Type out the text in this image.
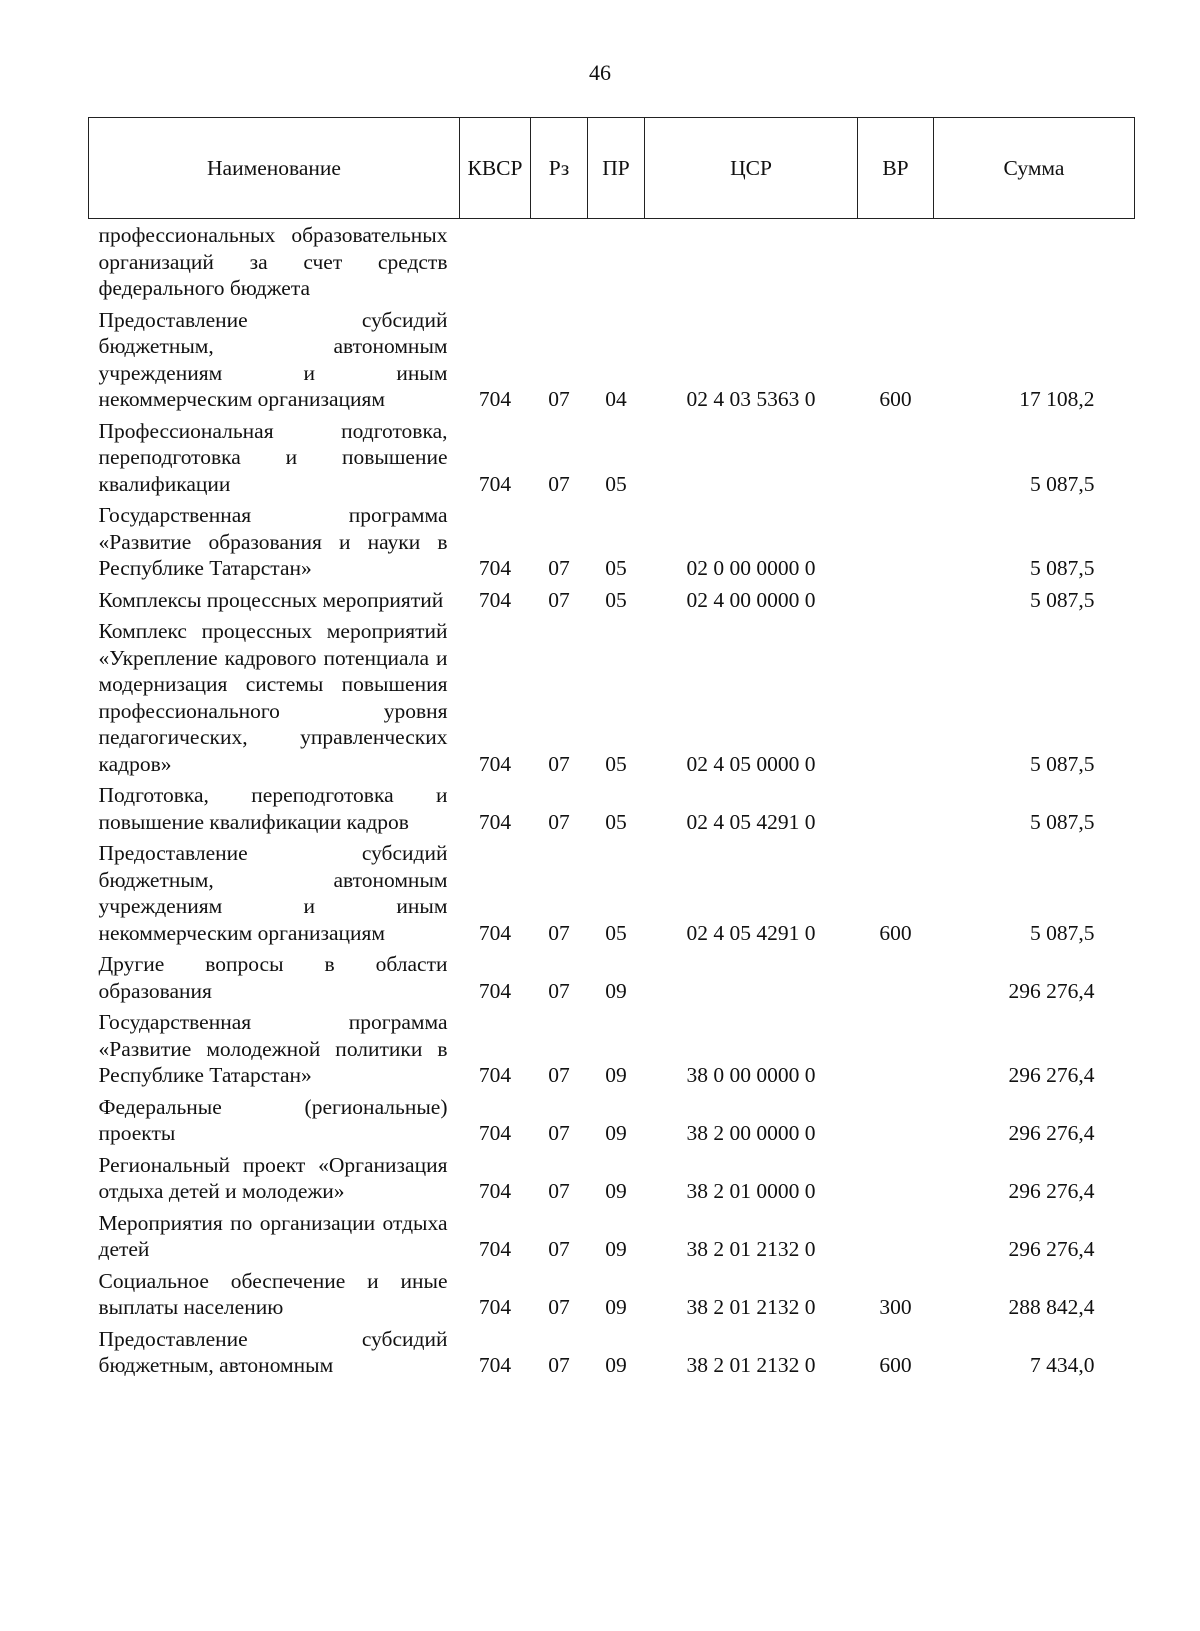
46
Наименование	КВСР	Рз	ПР	ЦСР	ВР	Сумма
профессиональных образовательных организаций за счет средств федерального бюджета						
Предоставление субсидий бюджетным, автономным учреждениям и иным некоммерческим организациям	704	07	04	02 4 03 5363 0	600	17 108,2
Профессиональная подготовка, переподготовка и повышение квалификации	704	07	05			5 087,5
Государственная программа «Развитие образования и науки в Республике Татарстан»	704	07	05	02 0 00 0000 0		5 087,5
Комплексы процессных мероприятий	704	07	05	02 4 00 0000 0		5 087,5
Комплекс процессных мероприятий «Укрепление кадрового потенциала и модернизация системы повышения профессионального уровня педагогических, управленческих кадров»	704	07	05	02 4 05 0000 0		5 087,5
Подготовка, переподготовка и повышение квалификации кадров	704	07	05	02 4 05 4291 0		5 087,5
Предоставление субсидий бюджетным, автономным учреждениям и иным некоммерческим организациям	704	07	05	02 4 05 4291 0	600	5 087,5
Другие вопросы в области образования	704	07	09			296 276,4
Государственная программа «Развитие молодежной политики в Республике Татарстан»	704	07	09	38 0 00 0000 0		296 276,4
Федеральные (региональные) проекты	704	07	09	38 2 00 0000 0		296 276,4
Региональный проект «Организация отдыха детей и молодежи»	704	07	09	38 2 01 0000 0		296 276,4
Мероприятия по организации отдыха детей	704	07	09	38 2 01 2132 0		296 276,4
Социальное обеспечение и иные выплаты населению	704	07	09	38 2 01 2132 0	300	288 842,4
Предоставление субсидий бюджетным, автономным	704	07	09	38 2 01 2132 0	600	7 434,0
